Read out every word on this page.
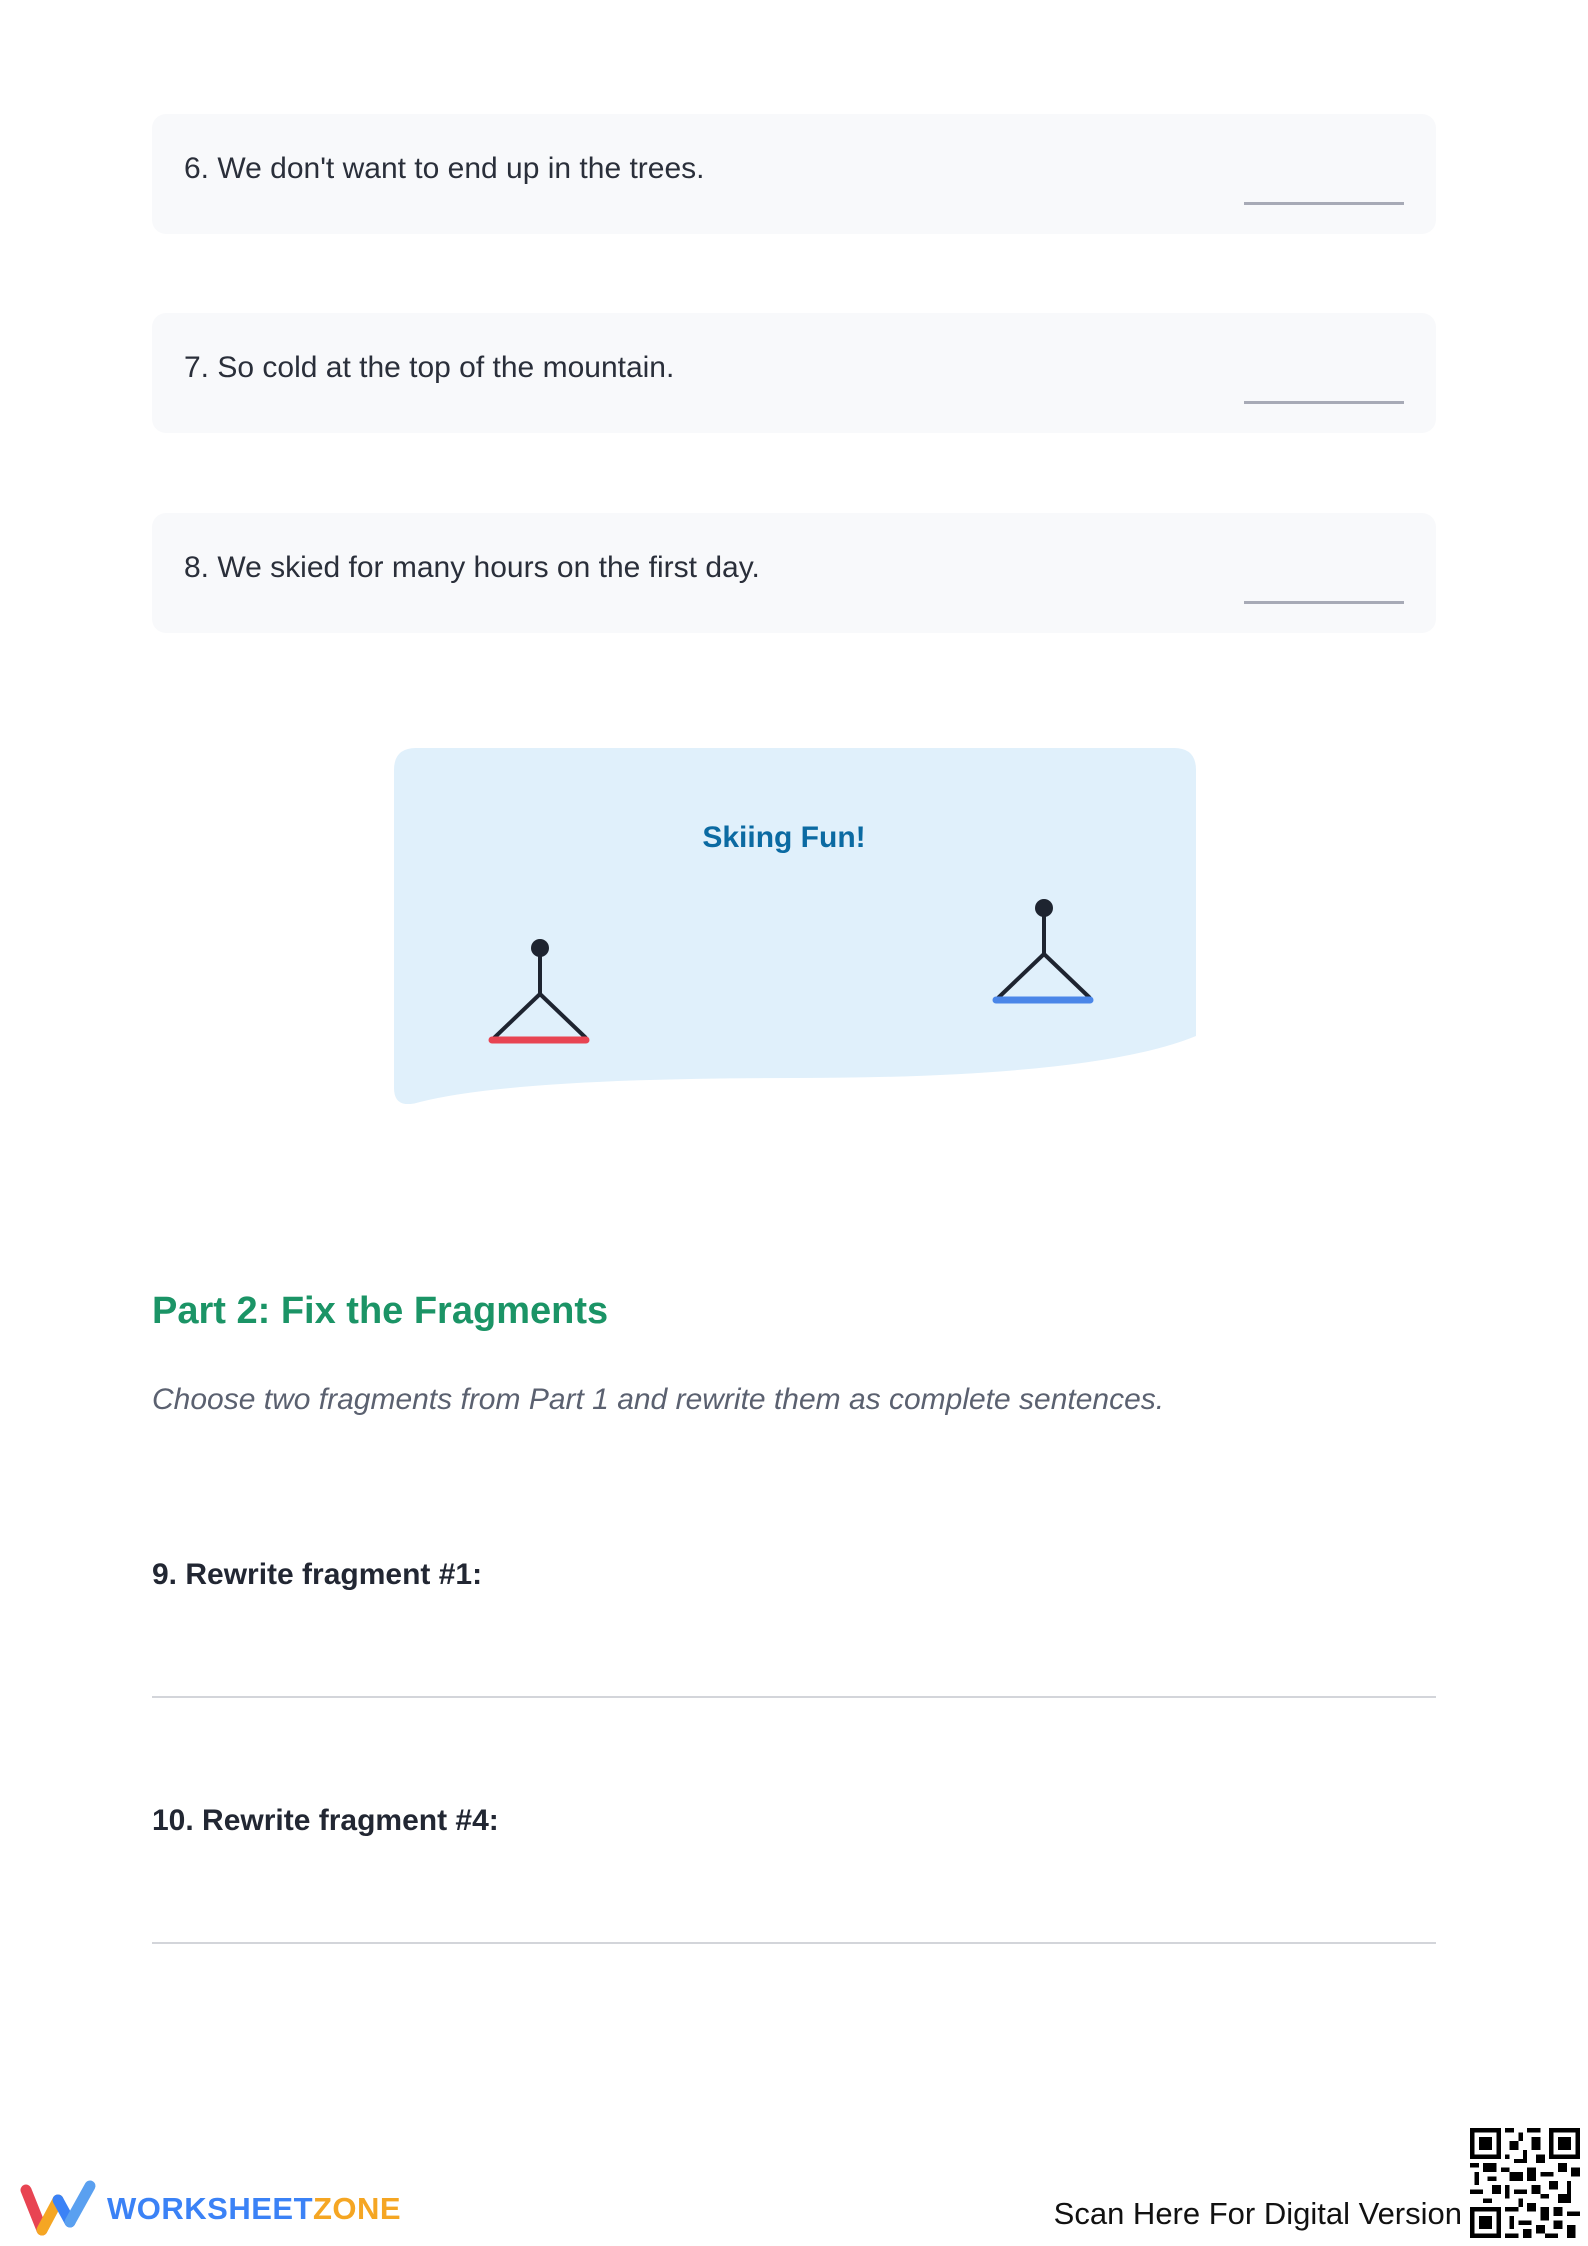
6. We don't want to end up in the trees.
7. So cold at the top of the mountain.
8. We skied for many hours on the first day.
Skiing Fun!
Part 2: Fix the Fragments

Choose two fragments from Part 1 and rewrite them as complete sentences.

9. Rewrite fragment #1:

10. Rewrite fragment #4:

WORKSHEETZONE	Scan Here For Digital Version
